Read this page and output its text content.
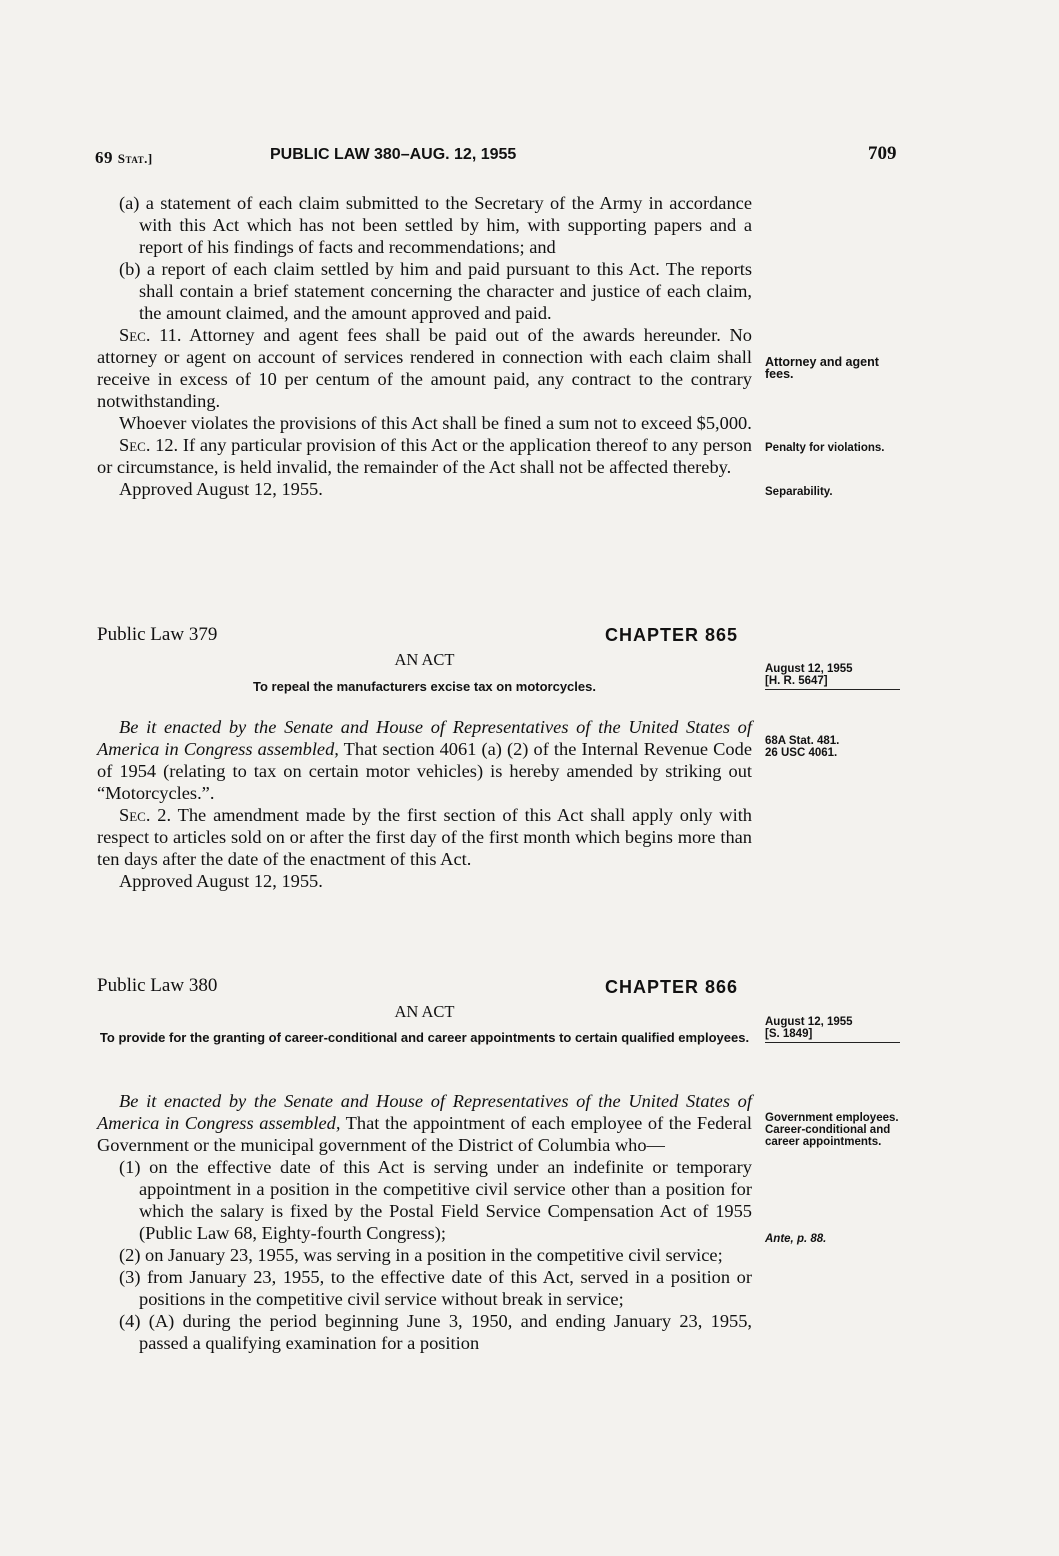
69 Stat.]	PUBLIC LAW 380–AUG. 12, 1955	709

(a) a statement of each claim submitted to the Secretary of the Army in accordance with this Act which has not been settled by him, with supporting papers and a report of his findings of facts and recommendations; and

(b) a report of each claim settled by him and paid pursuant to this Act. The reports shall contain a brief statement concerning the character and justice of each claim, the amount claimed, and the amount approved and paid.

Sec. 11. Attorney and agent fees shall be paid out of the awards hereunder. No attorney or agent on account of services rendered in connection with each claim shall receive in excess of 10 per centum of the amount paid, any contract to the contrary notwithstanding.

Whoever violates the provisions of this Act shall be fined a sum not to exceed $5,000.

Sec. 12. If any particular provision of this Act or the application thereof to any person or circumstance, is held invalid, the remainder of the Act shall not be affected thereby.

Approved August 12, 1955.

Attorney and agent fees.
Penalty for violations.
Separability.
Public Law 379	CHAPTER 865
AN ACT
To repeal the manufacturers excise tax on motorcycles.
August 12, 1955
[H. R. 5647]

Be it enacted by the Senate and House of Representatives of the United States of America in Congress assembled, That section 4061 (a) (2) of the Internal Revenue Code of 1954 (relating to tax on certain motor vehicles) is hereby amended by striking out “Motorcycles.”.

Sec. 2. The amendment made by the first section of this Act shall apply only with respect to articles sold on or after the first day of the first month which begins more than ten days after the date of the enactment of this Act.

Approved August 12, 1955.

68A Stat. 481.
26 USC 4061.
Public Law 380	CHAPTER 866
AN ACT
To provide for the granting of career-conditional and career appointments to certain qualified employees.
August 12, 1955
[S. 1849]

Be it enacted by the Senate and House of Representatives of the United States of America in Congress assembled, That the appointment of each employee of the Federal Government or the municipal government of the District of Columbia who—

(1) on the effective date of this Act is serving under an indefinite or temporary appointment in a position in the competitive civil service other than a position for which the salary is fixed by the Postal Field Service Compensation Act of 1955 (Public Law 68, Eighty-fourth Congress);

(2) on January 23, 1955, was serving in a position in the competitive civil service;

(3) from January 23, 1955, to the effective date of this Act, served in a position or positions in the competitive civil service without break in service;

(4) (A) during the period beginning June 3, 1950, and ending January 23, 1955, passed a qualifying examination for a position

Government employees.
Career-conditional and career appointments.
Ante, p. 88.
